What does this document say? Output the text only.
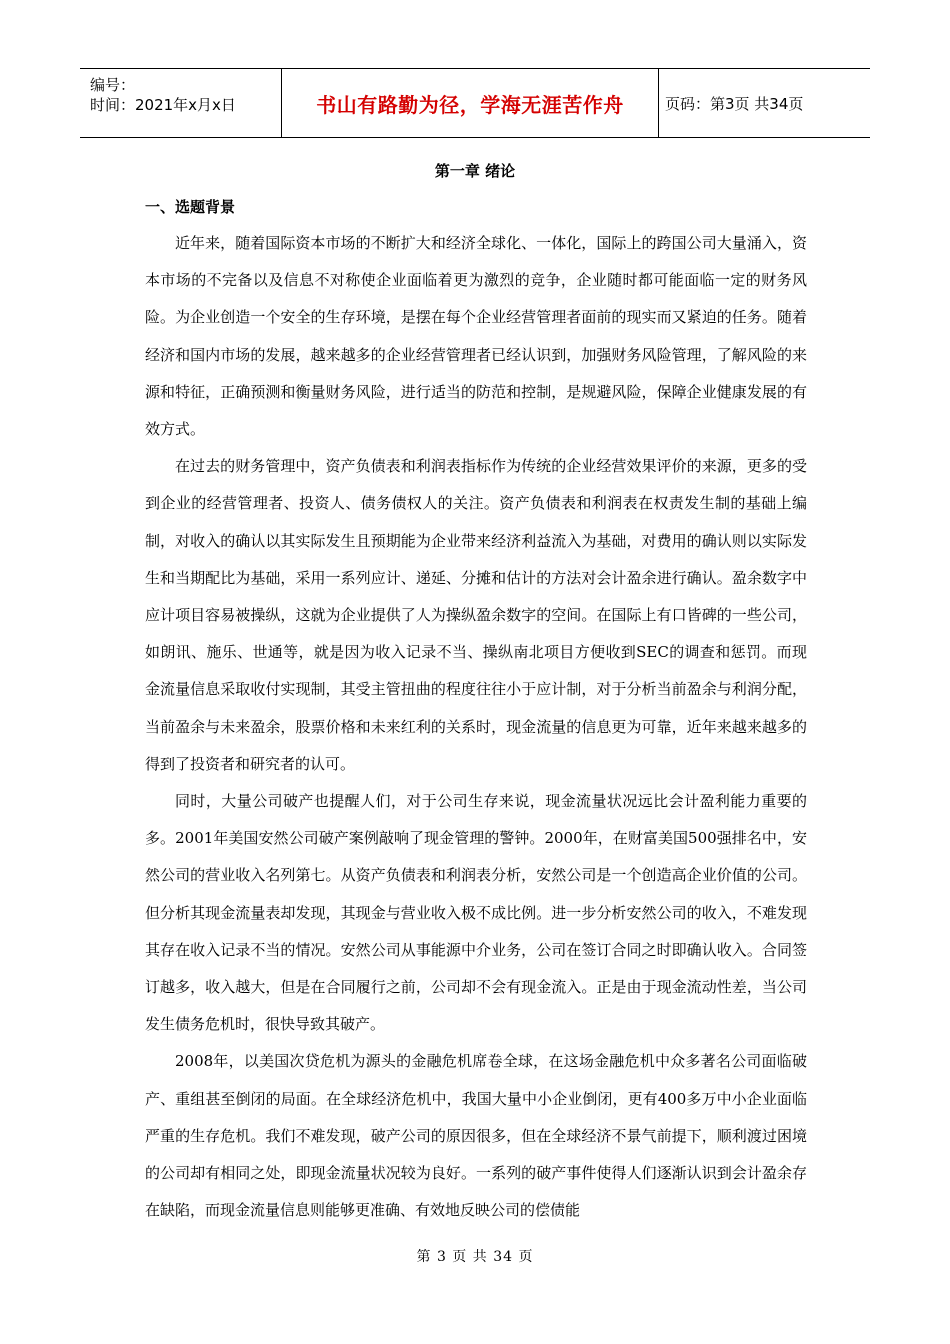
编号：
时间：2021年x月x日	书山有路勤为径，学海无涯苦作舟	页码：第3页 共34页
第一章 绪论
一、选题背景

近年来，随着国际资本市场的不断扩大和经济全球化、一体化，国际上的跨国公司大量涌入，资本市场的不完备以及信息不对称使企业面临着更为激烈的竞争，企业随时都可能面临一定的财务风险。为企业创造一个安全的生存环境，是摆在每个企业经营管理者面前的现实而又紧迫的任务。随着经济和国内市场的发展，越来越多的企业经营管理者已经认识到，加强财务风险管理，了解风险的来源和特征，正确预测和衡量财务风险，进行适当的防范和控制，是规避风险，保障企业健康发展的有效方式。

在过去的财务管理中，资产负债表和利润表指标作为传统的企业经营效果评价的来源，更多的受到企业的经营管理者、投资人、债务债权人的关注。资产负债表和利润表在权责发生制的基础上编制，对收入的确认以其实际发生且预期能为企业带来经济利益流入为基础，对费用的确认则以实际发生和当期配比为基础，采用一系列应计、递延、分摊和估计的方法对会计盈余进行确认。盈余数字中应计项目容易被操纵，这就为企业提供了人为操纵盈余数字的空间。在国际上有口皆碑的一些公司，如朗讯、施乐、世通等，就是因为收入记录不当、操纵南北项目方便收到SEC的调查和惩罚。而现金流量信息采取收付实现制，其受主管扭曲的程度往往小于应计制，对于分析当前盈余与利润分配，当前盈余与未来盈余，股票价格和未来红利的关系时，现金流量的信息更为可靠，近年来越来越多的得到了投资者和研究者的认可。

同时，大量公司破产也提醒人们，对于公司生存来说，现金流量状况远比会计盈利能力重要的多。2001年美国安然公司破产案例敲响了现金管理的警钟。2000年，在财富美国500强排名中，安然公司的营业收入名列第七。从资产负债表和利润表分析，安然公司是一个创造高企业价值的公司。但分析其现金流量表却发现，其现金与营业收入极不成比例。进一步分析安然公司的收入，不难发现其存在收入记录不当的情况。安然公司从事能源中介业务，公司在签订合同之时即确认收入。合同签订越多，收入越大，但是在合同履行之前，公司却不会有现金流入。正是由于现金流动性差，当公司发生债务危机时，很快导致其破产。

2008年，以美国次贷危机为源头的金融危机席卷全球，在这场金融危机中众多著名公司面临破产、重组甚至倒闭的局面。在全球经济危机中，我国大量中小企业倒闭，更有400多万中小企业面临严重的生存危机。我们不难发现，破产公司的原因很多，但在全球经济不景气前提下，顺利渡过困境的公司却有相同之处，即现金流量状况较为良好。一系列的破产事件使得人们逐渐认识到会计盈余存在缺陷，而现金流量信息则能够更准确、有效地反映公司的偿债能

第 3 页 共 34 页
